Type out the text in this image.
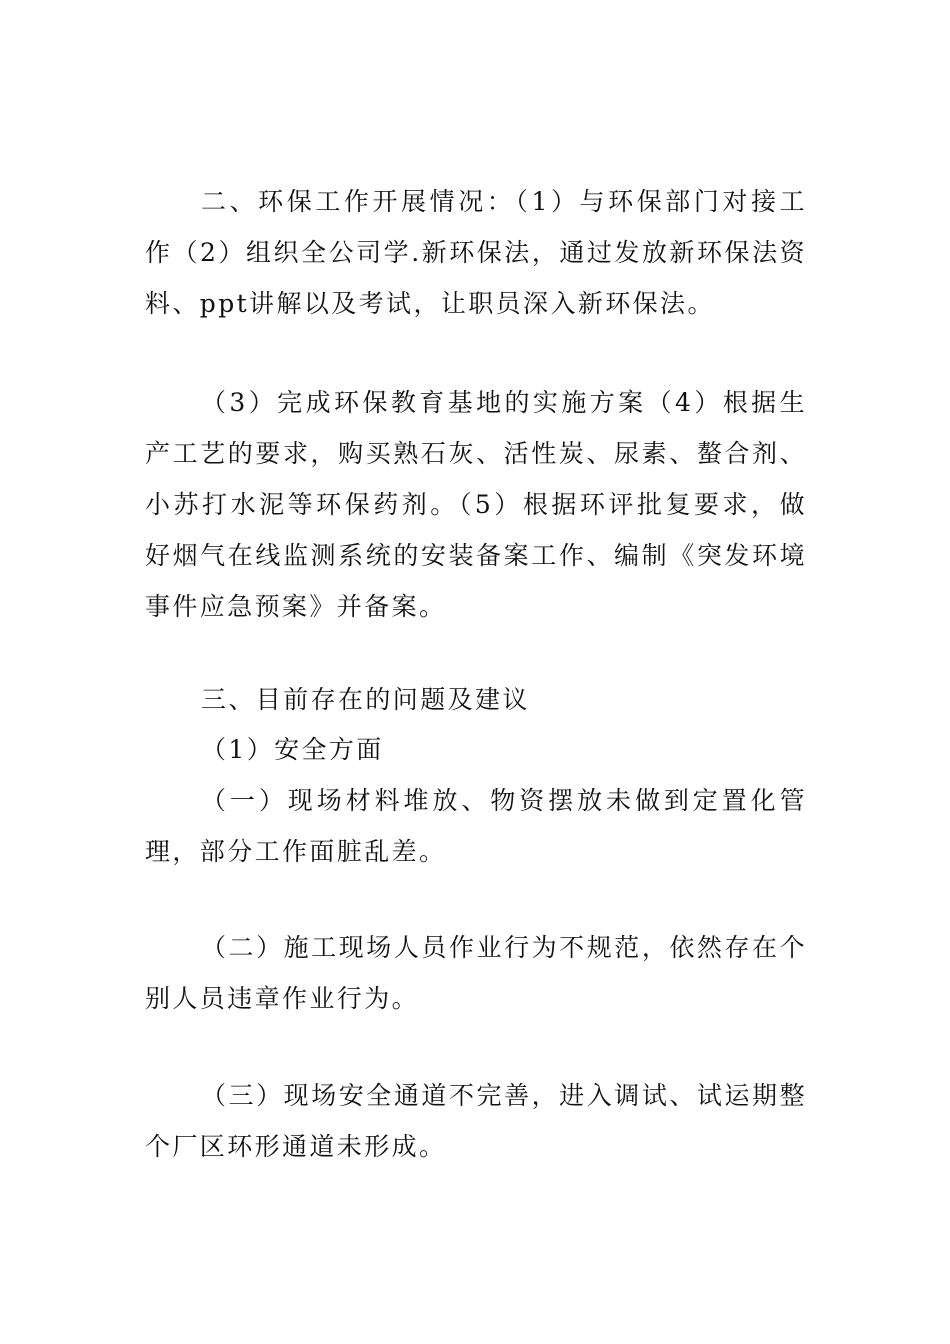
二、环保工作开展情况：（1）与环保部门对接工作（2）组织全公司学.新环保法，通过发放新环保法资料、ppt讲解以及考试，让职员深入新环保法。

（3）完成环保教育基地的实施方案（4）根据生产工艺的要求，购买熟石灰、活性炭、尿素、螯合剂、小苏打水泥等环保药剂。（5）根据环评批复要求，做好烟气在线监测系统的安装备案工作、编制《突发环境事件应急预案》并备案。

三、目前存在的问题及建议

（1）安全方面

（一）现场材料堆放、物资摆放未做到定置化管理，部分工作面脏乱差。

（二）施工现场人员作业行为不规范，依然存在个别人员违章作业行为。

（三）现场安全通道不完善，进入调试、试运期整个厂区环形通道未形成。
